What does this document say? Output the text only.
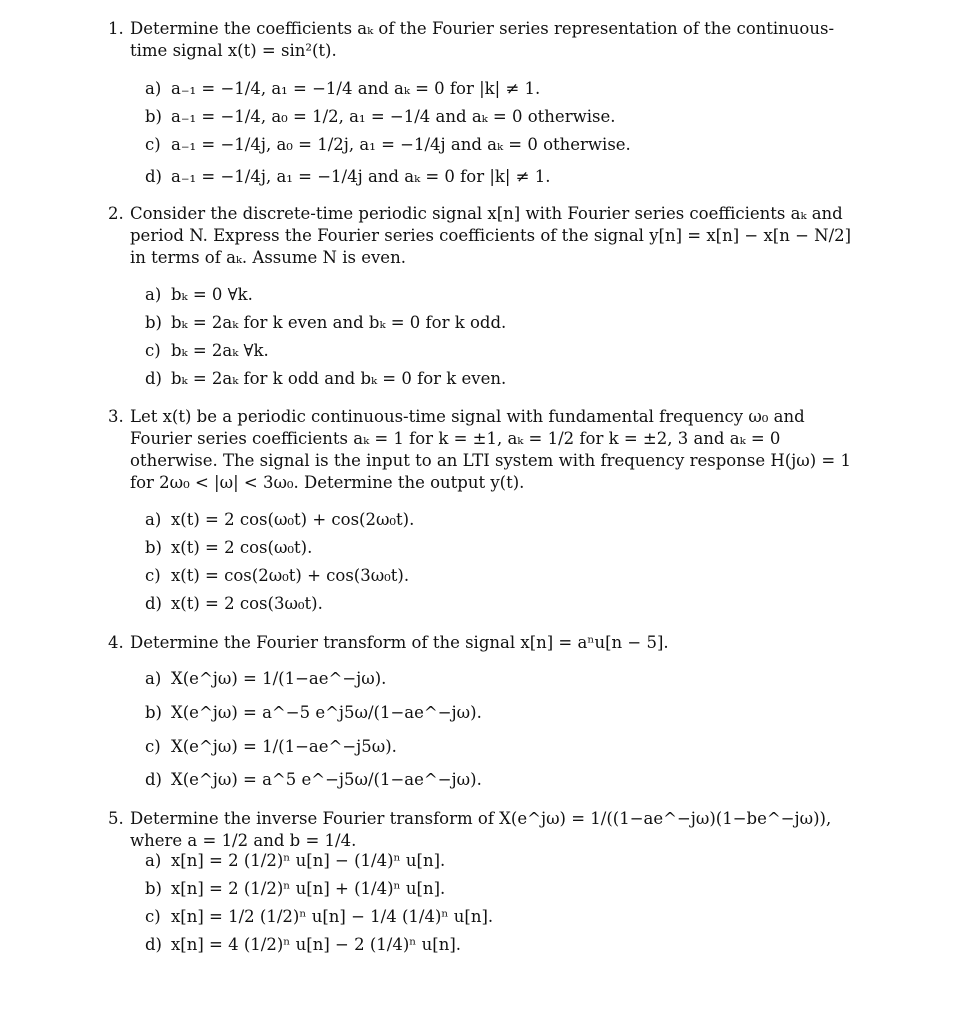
1. Determine the coefficients aₖ of the Fourier series representation of the continuous-time signal x(t) = sin²(t).
a) a₋₁ = −1/4, a₁ = −1/4 and aₖ = 0 for |k| ≠ 1.
b) a₋₁ = −1/4, a₀ = 1/2, a₁ = −1/4 and aₖ = 0 otherwise.
c) a₋₁ = −1/4j, a₀ = 1/2j, a₁ = −1/4j and aₖ = 0 otherwise.
d) a₋₁ = −1/4j, a₁ = −1/4j and aₖ = 0 for |k| ≠ 1.
2. Consider the discrete-time periodic signal x[n] with Fourier series coefficients aₖ and period N. Express the Fourier series coefficients of the signal y[n] = x[n] − x[n − N/2] in terms of aₖ. Assume N is even.
a) bₖ = 0 ∀k.
b) bₖ = 2aₖ for k even and bₖ = 0 for k odd.
c) bₖ = 2aₖ ∀k.
d) bₖ = 2aₖ for k odd and bₖ = 0 for k even.
3. Let x(t) be a periodic continuous-time signal with fundamental frequency ω₀ and Fourier series coefficients aₖ = 1 for k = ±1, aₖ = 1/2 for k = ±2, 3 and aₖ = 0 otherwise. The signal is the input to an LTI system with frequency response H(jω) = 1 for 2ω₀ < |ω| < 3ω₀. Determine the output y(t).
a) x(t) = 2 cos(ω₀t) + cos(2ω₀t).
b) x(t) = 2 cos(ω₀t).
c) x(t) = cos(2ω₀t) + cos(3ω₀t).
d) x(t) = 2 cos(3ω₀t).
4. Determine the Fourier transform of the signal x[n] = aⁿu[n − 5].
a) X(e^jω) = 1/(1−ae^−jω).
b) X(e^jω) = a^−5 e^j5ω/(1−ae^−jω).
c) X(e^jω) = 1/(1−ae^−j5ω).
d) X(e^jω) = a^5 e^−j5ω/(1−ae^−jω).
5. Determine the inverse Fourier transform of X(e^jω) = 1/((1−ae^−jω)(1−be^−jω)), where a = 1/2 and b = 1/4.
a) x[n] = 2 (1/2)ⁿ u[n] − (1/4)ⁿ u[n].
b) x[n] = 2 (1/2)ⁿ u[n] + (1/4)ⁿ u[n].
c) x[n] = 1/2 (1/2)ⁿ u[n] − 1/4 (1/4)ⁿ u[n].
d) x[n] = 4 (1/2)ⁿ u[n] − 2 (1/4)ⁿ u[n].
